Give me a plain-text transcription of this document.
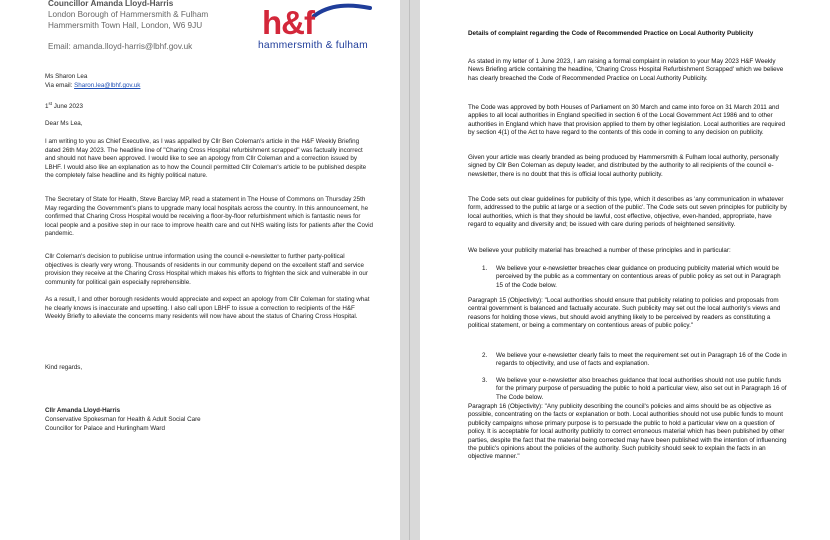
Councillor Amanda Lloyd-Harris

London Borough of Hammersmith & Fulham

Hammersmith Town Hall, London, W6 9JU

Email: amanda.lloyd-harris@lbhf.gov.uk

h&f
hammersmith & fulham

Ms Sharon Lea

Via email: Sharon.lea@lbhf.gov.uk

1st June 2023

Dear Ms Lea,

I am writing to you as Chief Executive, as I was appalled by Cllr Ben Coleman's article in the H&F Weekly Briefing dated 26th May 2023. The headline line of "Charing Cross Hospital refurbishment scrapped" was factually incorrect and should not have been approved. I would like to see an apology from Cllr Coleman and a correction issued by LBHF. I would also like an explanation as to how the Council permitted Cllr Coleman's article to be published despite the completely false headline and its highly political nature.

The Secretary of State for Health, Steve Barclay MP, read a statement in The House of Commons on Thursday 25th May regarding the Government's plans to upgrade many local hospitals across the country. In this announcement, he confirmed that Charing Cross Hospital would be receiving a floor-by-floor refurbishment which is fantastic news for local people and a positive step in our race to improve health care and cut NHS waiting lists for patients after the Covid pandemic.

Cllr Coleman's decision to publicise untrue information using the council e-newsletter to further party-political objectives is clearly very wrong. Thousands of residents in our community depend on the excellent staff and service provision they receive at the Charing Cross Hospital which makes his efforts to frighten the sick and vulnerable in our community for political gain especially reprehensible.

As a result, I and other borough residents would appreciate and expect an apology from Cllr Coleman for stating what he clearly knows is inaccurate and upsetting. I also call upon LBHF to issue a correction to recipients of the H&F Weekly Briefly to alleviate the concerns many residents will now have about the status of Charing Cross Hospital.

Kind regards,

Cllr Amanda Lloyd-Harris

Conservative Spokesman for Health & Adult Social Care

Councillor for Palace and Hurlingham Ward

Details of complaint regarding the Code of Recommended Practice on Local Authority Publicity

As stated in my letter of 1 June 2023, I am raising a formal complaint in relation to your May 2023 H&F Weekly News Briefing article containing the headline, 'Charing Cross Hospital Refurbishment Scrapped' which we believe has clearly breached the Code of Recommended Practice on Local Authority Publicity.

The Code was approved by both Houses of Parliament on 30 March and came into force on 31 March 2011 and applies to all local authorities in England specified in section 6 of the Local Government Act 1986 and to other authorities in England which have that provision applied to them by other legislation. Local authorities are required by section 4(1) of the Act to have regard to the contents of this code in coming to any decision on publicity.

Given your article was clearly branded as being produced by Hammersmith & Fulham local authority, personally signed by Cllr Ben Coleman as deputy leader, and distributed by the authority to all recipients of the council e-newsletter, there is no doubt that this is official local authority publicity.

The Code sets out clear guidelines for publicity of this type, which it describes as 'any communication in whatever form, addressed to the public at large or a section of the public'. The Code sets out seven principles for publicity by local authorities, which is that they should be lawful, cost effective, objective, even-handed, appropriate, have regard to equality and diversity and; be issued with care during periods of heightened sensitivity.

We believe your publicity material has breached a number of these principles and in particular:

1. We believe your e-newsletter breaches clear guidance on producing publicity material which would be perceived by the public as a commentary on contentious areas of public policy as set out in Paragraph 15 of the Code below.

Paragraph 15 (Objectivity): "Local authorities should ensure that publicity relating to policies and proposals from central government is balanced and factually accurate. Such publicity may set out the local authority's views and reasons for holding those views, but should avoid anything likely to be perceived by readers as constituting a political statement, or being a commentary on contentious areas of public policy."

2. We believe your e-newsletter clearly fails to meet the requirement set out in Paragraph 16 of the Code in regards to objectivity, and use of facts and explanation.

3. We believe your e-newsletter also breaches guidance that local authorities should not use public funds for the primary purpose of persuading the public to hold a particular view, also set out in Paragraph 16 of The Code below.

Paragraph 16 (Objectivity): "Any publicity describing the council's policies and aims should be as objective as possible, concentrating on the facts or explanation or both. Local authorities should not use public funds to mount publicity campaigns whose primary purpose is to persuade the public to hold a particular view on a question of policy. It is acceptable for local authority publicity to correct erroneous material which has been published by other parties, despite the fact that the material being corrected may have been published with the intention of influencing the public's opinions about the policies of the authority. Such publicity should seek to explain the facts in an objective manner."
